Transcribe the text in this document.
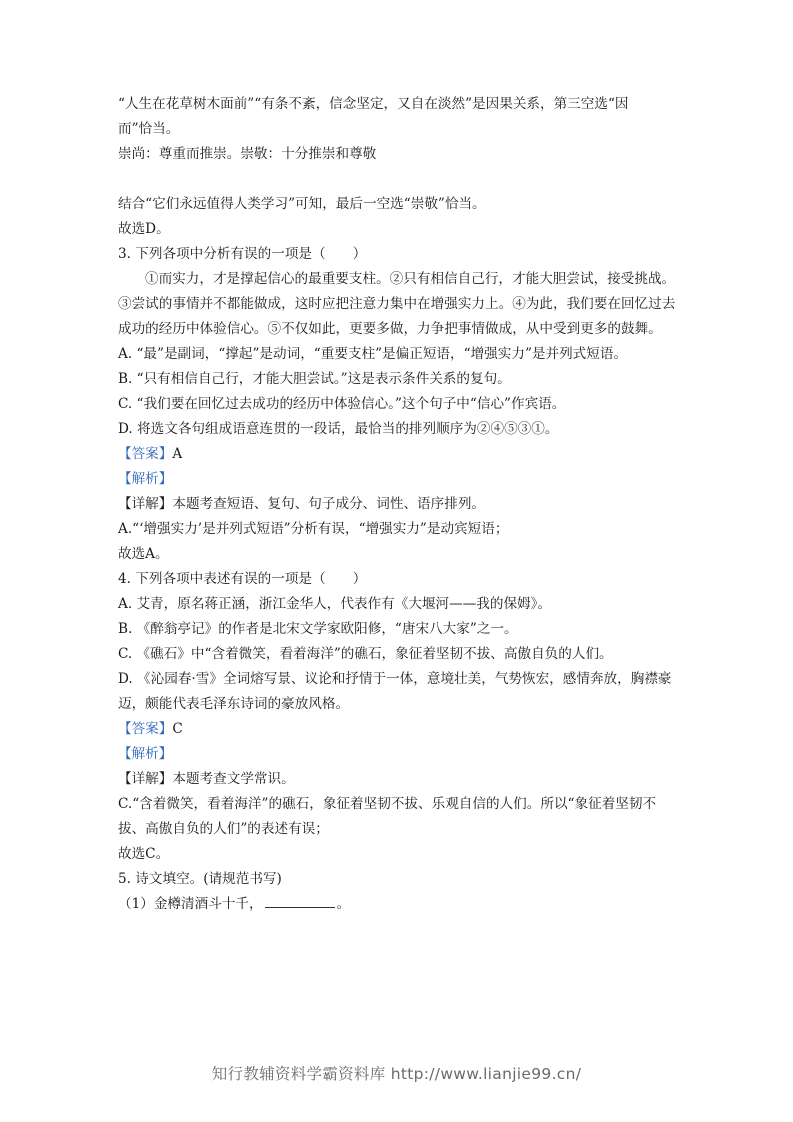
“人生在花草树木面前”“有条不紊，信念坚定，又自在淡然”是因果关系，第三空选“因

而”恰当。

崇尚：尊重而推崇。崇敬：十分推崇和尊敬

结合“它们永远值得人类学习”可知，最后一空选“崇敬”恰当。

故选D。

3. 下列各项中分析有误的一项是（　　）

①而实力，才是撑起信心的最重要支柱。②只有相信自己行，才能大胆尝试，接受挑战。③尝试的事情并不都能做成，这时应把注意力集中在增强实力上。④为此，我们要在回忆过去成功的经历中体验信心。⑤不仅如此，更要多做，力争把事情做成，从中受到更多的鼓舞。

A. “最”是副词，“撑起”是动词，“重要支柱”是偏正短语，“增强实力”是并列式短语。

B. “只有相信自己行，才能大胆尝试。”这是表示条件关系的复句。

C. “我们要在回忆过去成功的经历中体验信心。”这个句子中“信心”作宾语。

D. 将选文各句组成语意连贯的一段话，最恰当的排列顺序为②④⑤③①。

【答案】A

【解析】

【详解】本题考查短语、复句、句子成分、词性、语序排列。

A.“‘增强实力’是并列式短语”分析有误，“增强实力”是动宾短语；

故选A。

4. 下列各项中表述有误的一项是（　　）

A. 艾青，原名蒋正涵，浙江金华人，代表作有《大堰河——我的保姆》。

B. 《醉翁亭记》的作者是北宋文学家欧阳修，“唐宋八大家”之一。

C. 《礁石》中“含着微笑，看着海洋”的礁石，象征着坚韧不拔、高傲自负的人们。

D. 《沁园春·雪》全词熔写景、议论和抒情于一体，意境壮美，气势恢宏，感情奔放，胸襟豪迈，颇能代表毛泽东诗词的豪放风格。

【答案】C

【解析】

【详解】本题考查文学常识。

C.“含着微笑，看着海洋”的礁石，象征着坚韧不拔、乐观自信的人们。所以“象征着坚韧不拔、高傲自负的人们”的表述有误；

故选C。

5. 诗文填空。(请规范书写)

（1）金樽清酒斗十千，	。

知行教辅资料学霸资料库 http://www.lianjie99.cn/
